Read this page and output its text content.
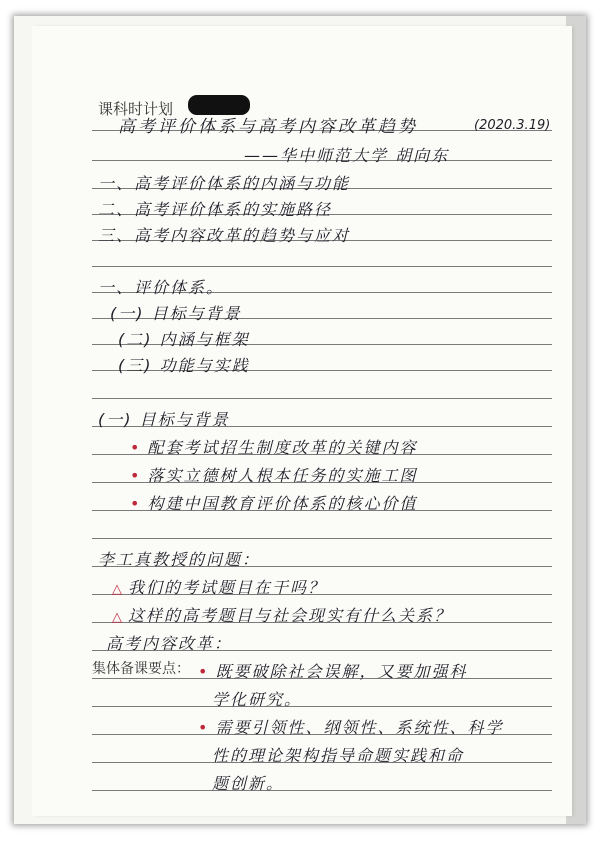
课科时计划
高考评价体系与高考内容改革趋势	(2020.3.19)
——华中师范大学 胡向东
一、高考评价体系的内涵与功能
二、高考评价体系的实施路径
三、高考内容改革的趋势与应对
一、评价体系。
(一) 目标与背景
(二) 内涵与框架
(三) 功能与实践
(一) 目标与背景
• 配套考试招生制度改革的关键内容
• 落实立德树人根本任务的实施工图
• 构建中国教育评价体系的核心价值
李工真教授的问题：
△ 我们的考试题目在干吗？
△ 这样的高考题目与社会现实有什么关系？
高考内容改革：
集体备课要点： • 既要破除社会误解，又要加强科
学化研究。
• 需要引领性、纲领性、系统性、科学
性的理论架构指导命题实践和命
题创新。
